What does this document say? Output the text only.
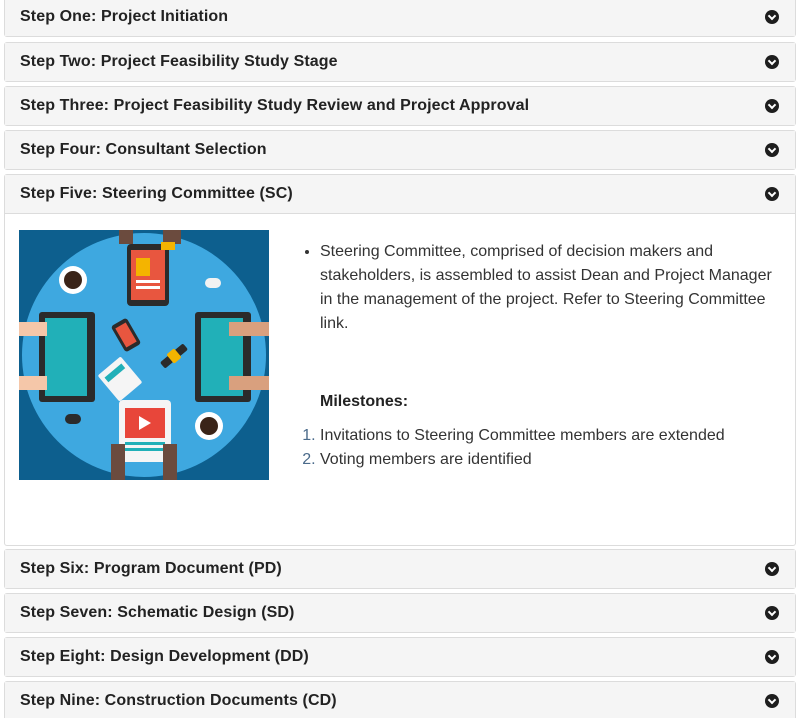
Step One: Project Initiation
Step Two: Project Feasibility Study Stage
Step Three: Project Feasibility Study Review and Project Approval
Step Four: Consultant Selection
Step Five: Steering Committee (SC)
• Steering Committee, comprised of decision makers and stakeholders, is assembled to assist Dean and Project Manager in the management of the project. Refer to Steering Committee link.
Milestones:
1. Invitations to Steering Committee members are extended
2. Voting members are identified
Step Six: Program Document (PD)
Step Seven: Schematic Design (SD)
Step Eight: Design Development (DD)
Step Nine: Construction Documents (CD)
